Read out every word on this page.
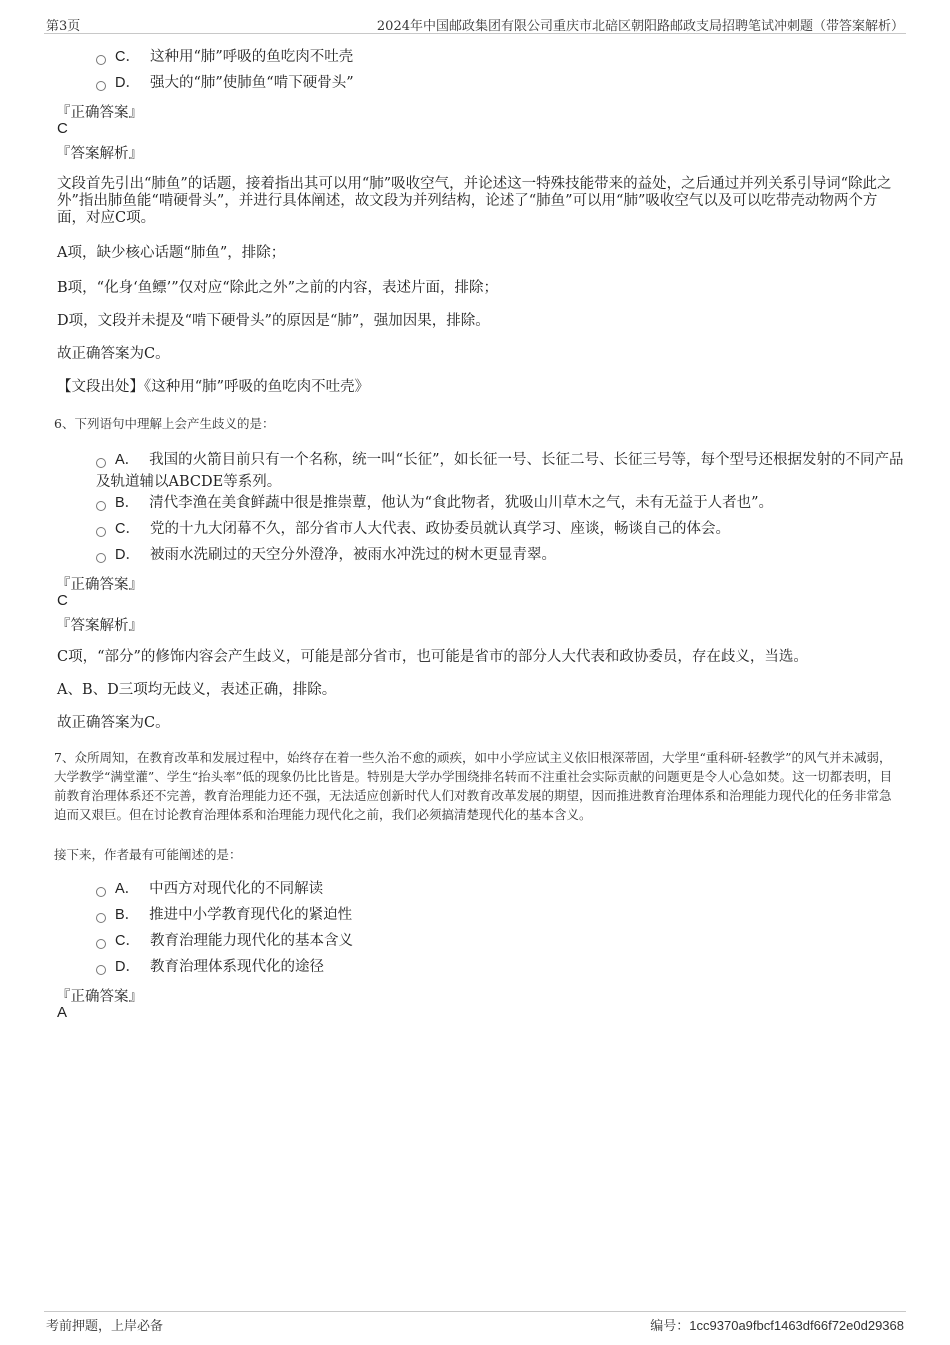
第3页	2024年中国邮政集团有限公司重庆市北碚区朝阳路邮政支局招聘笔试冲刺题（带答案解析）
C． 这种用“肺”呼吸的鱼吃肉不吐壳
D． 强大的“肺”使肺鱼“啃下硬骨头”
『正确答案』
C
『答案解析』
文段首先引出“肺鱼”的话题，接着指出其可以用“肺”吸收空气，并论述这一特殊技能带来的益处，之后通过并列关系引导词“除此之外”指出肺鱼能“啃硬骨头”，并进行具体阐述，故文段为并列结构，论述了“肺鱼”可以用“肺”吸收空气以及可以吃带壳动物两个方面，对应C项。
A项，缺少核心话题“肺鱼”，排除；
B项，“化身‘鱼鳔’”仅对应“除此之外”之前的内容，表述片面，排除；
D项，文段并未提及“啃下硬骨头”的原因是“肺”，强加因果，排除。
故正确答案为C。
【文段出处】《这种用“肺”呼吸的鱼吃肉不吐壳》
6、下列语句中理解上会产生歧义的是：
A． 我国的火箭目前只有一个名称，统一叫“长征”，如长征一号、长征二号、长征三号等，每个型号还根据发射的不同产品及轨道辅以ABCDE等系列。
B． 清代李渔在美食鲜蔬中很是推崇蕈，他认为“食此物者，犹吸山川草木之气，未有无益于人者也”。
C． 党的十九大闭幕不久，部分省市人大代表、政协委员就认真学习、座谈，畅谈自己的体会。
D． 被雨水洗刷过的天空分外澄净，被雨水冲洗过的树木更显青翠。
『正确答案』
C
『答案解析』
C项，“部分”的修饰内容会产生歧义，可能是部分省市，也可能是省市的部分人大代表和政协委员，存在歧义，当选。
A、B、D三项均无歧义，表述正确，排除。
故正确答案为C。
7、众所周知，在教育改革和发展过程中，始终存在着一些久治不愈的顽疾，如中小学应试主义依旧根深蒂固，大学里“重科研-轻教学”的风气并未减弱，大学教学“满堂灌”、学生“抬头率”低的现象仍比比皆是。特别是大学办学围绕排名转而不注重社会实际贡献的问题更是令人心急如焚。这一切都表明，目前教育治理体系还不完善，教育治理能力还不强，无法适应创新时代人们对教育改革发展的期望，因而推进教育治理体系和治理能力现代化的任务非常急迫而又艰巨。但在讨论教育治理体系和治理能力现代化之前，我们必须搞清楚现代化的基本含义。
接下来，作者最有可能阐述的是：
A． 中西方对现代化的不同解读
B． 推进中小学教育现代化的紧迫性
C． 教育治理能力现代化的基本含义
D． 教育治理体系现代化的途径
『正确答案』
A
考前押题，上岸必备	编号：1cc9370a9fbcf1463df66f72e0d29368
